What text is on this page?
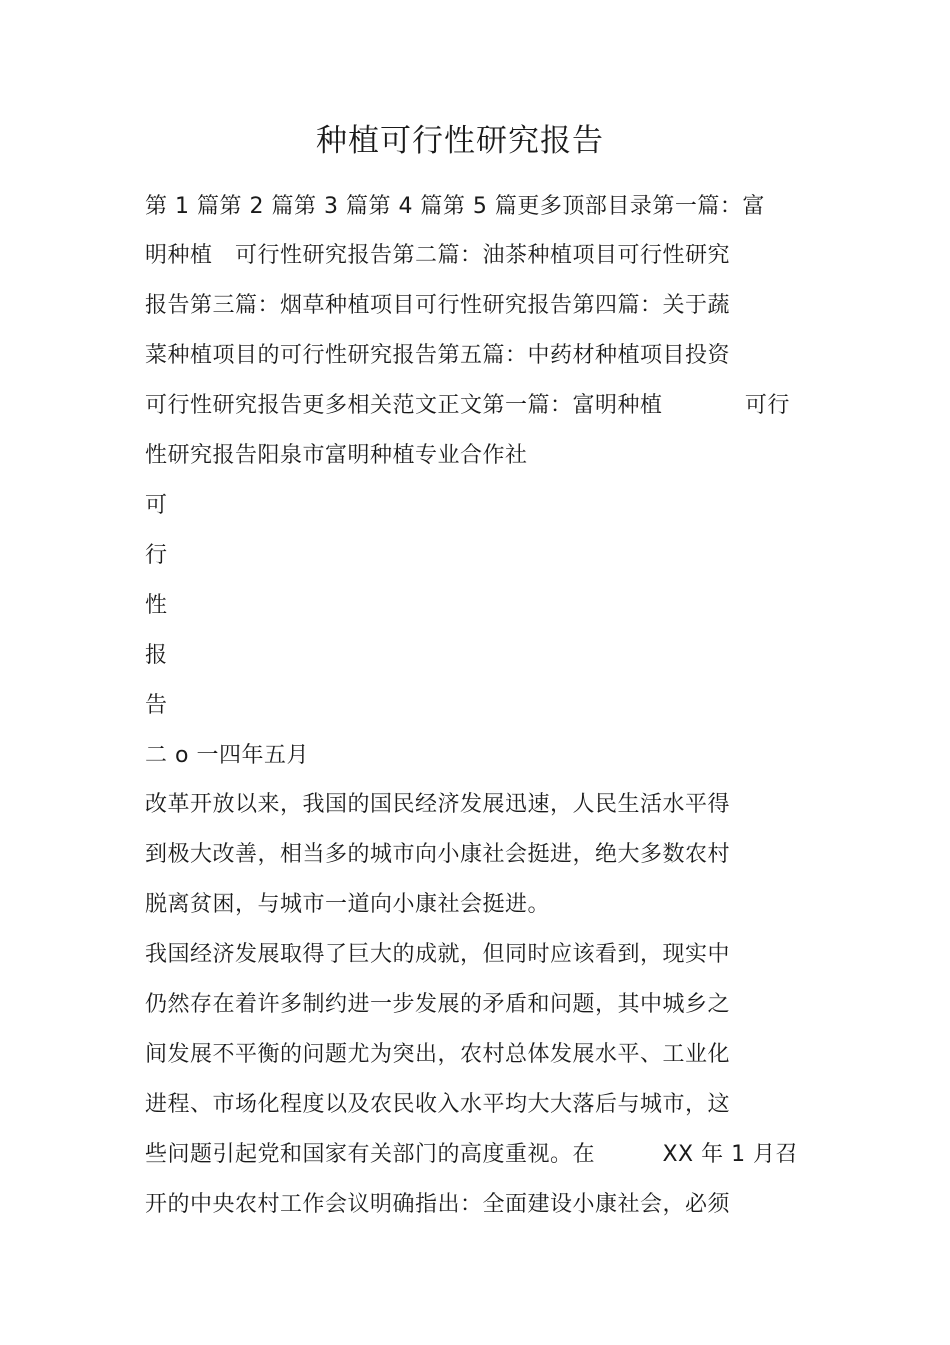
种植可行性研究报告
第 1 篇第 2 篇第 3 篇第 4 篇第 5 篇更多顶部目录第一篇：富
明种植   可行性研究报告第二篇：油茶种植项目可行性研究
报告第三篇：烟草种植项目可行性研究报告第四篇：关于蔬
菜种植项目的可行性研究报告第五篇：中药材种植项目投资
可行性研究报告更多相关范文正文第一篇：富明种植           可行
性研究报告阳泉市富明种植专业合作社
可
行
性
报
告
二 o 一四年五月
改革开放以来，我国的国民经济发展迅速，人民生活水平得
到极大改善，相当多的城市向小康社会挺进，绝大多数农村
脱离贫困，与城市一道向小康社会挺进。
我国经济发展取得了巨大的成就，但同时应该看到，现实中
仍然存在着许多制约进一步发展的矛盾和问题，其中城乡之
间发展不平衡的问题尤为突出，农村总体发展水平、工业化
进程、市场化程度以及农民收入水平均大大落后与城市，这
些问题引起党和国家有关部门的高度重视。在         XX 年 1 月召
开的中央农村工作会议明确指出：全面建设小康社会，必须
